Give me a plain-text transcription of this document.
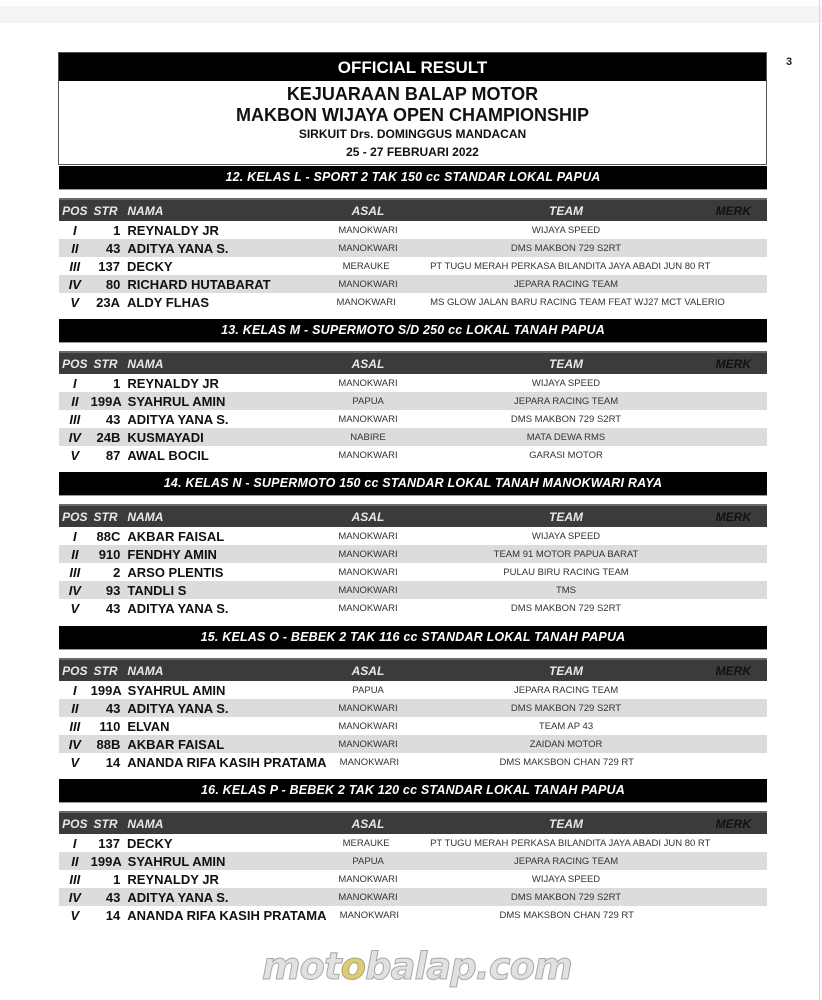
3
OFFICIAL RESULT
KEJUARAAN BALAP MOTOR
MAKBON WIJAYA OPEN CHAMPIONSHIP
SIRKUIT Drs. DOMINGGUS MANDACAN
25 - 27 FEBRUARI 2022
12. KELAS L - SPORT 2 TAK 150 cc STANDAR LOKAL PAPUA
POS STR NAMA	ASAL	TEAM	MERK
I	1 REYNALDY JR	MANOKWARI	WIJAYA SPEED
II	43 ADITYA YANA S.	MANOKWARI	DMS MAKBON 729 S2RT
III	137 DECKY	MERAUKE	PT TUGU MERAH PERKASA BILANDITA JAYA ABADI JUN 80 RT
IV	80 RICHARD HUTABARAT	MANOKWARI	JEPARA RACING TEAM
V	23A ALDY FLHAS	MANOKWARI	MS GLOW JALAN BARU RACING TEAM FEAT WJ27 MCT VALERIO
13. KELAS M - SUPERMOTO S/D 250 cc LOKAL TANAH PAPUA
POS STR NAMA	ASAL	TEAM	MERK
I	1 REYNALDY JR	MANOKWARI	WIJAYA SPEED
II 199A SYAHRUL AMIN	PAPUA	JEPARA RACING TEAM
III	43 ADITYA YANA S.	MANOKWARI	DMS MAKBON 729 S2RT
IV	24B KUSMAYADI	NABIRE	MATA DEWA RMS
V	87 AWAL BOCIL	MANOKWARI	GARASI MOTOR
14. KELAS N - SUPERMOTO 150 cc STANDAR LOKAL TANAH MANOKWARI RAYA
POS STR NAMA	ASAL	TEAM	MERK
I	88C AKBAR FAISAL	MANOKWARI	WIJAYA SPEED
II	910 FENDHY AMIN	MANOKWARI	TEAM 91 MOTOR PAPUA BARAT
III	2 ARSO PLENTIS	MANOKWARI	PULAU BIRU RACING TEAM
IV	93 TANDLI S	MANOKWARI	TMS
V	43 ADITYA YANA S.	MANOKWARI	DMS MAKBON 729 S2RT
15. KELAS O - BEBEK 2 TAK 116 cc STANDAR LOKAL TANAH PAPUA
POS STR NAMA	ASAL	TEAM	MERK
I	199A SYAHRUL AMIN	PAPUA	JEPARA RACING TEAM
II	43 ADITYA YANA S.	MANOKWARI	DMS MAKBON 729 S2RT
III	110 ELVAN	MANOKWARI	TEAM AP 43
IV	88B AKBAR FAISAL	MANOKWARI	ZAIDAN MOTOR
V	14 ANANDA RIFA KASIH PRATAMA	MANOKWARI	DMS MAKSBON CHAN 729 RT
16. KELAS P - BEBEK 2 TAK 120 cc STANDAR LOKAL TANAH PAPUA
POS STR NAMA	ASAL	TEAM	MERK
I	137 DECKY	MERAUKE	PT TUGU MERAH PERKASA BILANDITA JAYA ABADI JUN 80 RT
II 199A SYAHRUL AMIN	PAPUA	JEPARA RACING TEAM
III	1 REYNALDY JR	MANOKWARI	WIJAYA SPEED
IV	43 ADITYA YANA S.	MANOKWARI	DMS MAKBON 729 S2RT
V	14 ANANDA RIFA KASIH PRATAMA	MANOKWARI	DMS MAKSBON CHAN 729 RT
motobalap.com
